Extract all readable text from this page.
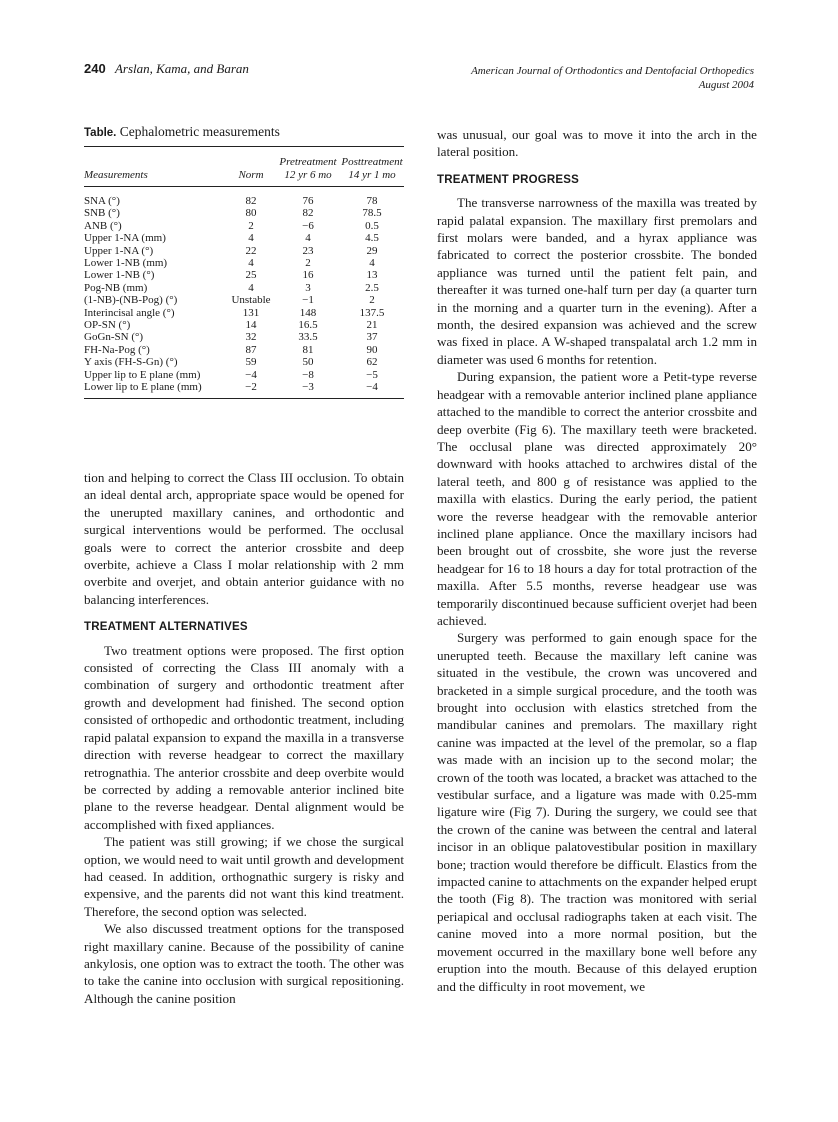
240 Arslan, Kama, and Baran	American Journal of Orthodontics and Dentofacial Orthopedics
August 2004
Table. Cephalometric measurements
		Pretreatment	Posttreatment
Measurements	Norm	12 yr 6 mo	14 yr 1 mo
SNA (°)	82	76	78
SNB (°)	80	82	78.5
ANB (°)	2	−6	0.5
Upper 1-NA (mm)	4	4	4.5
Upper 1-NA (°)	22	23	29
Lower 1-NB (mm)	4	2	4
Lower 1-NB (°)	25	16	13
Pog-NB (mm)	4	3	2.5
(1-NB)-(NB-Pog) (°)	Unstable	−1	2
Interincisal angle (°)	131	148	137.5
OP-SN (°)	14	16.5	21
GoGn-SN (°)	32	33.5	37
FH-Na-Pog (°)	87	81	90
Y axis (FH-S-Gn) (°)	59	50	62
Upper lip to E plane (mm)	−4	−8	−5
Lower lip to E plane (mm)	−2	−3	−4

tion and helping to correct the Class III occlusion. To obtain an ideal dental arch, appropriate space would be opened for the unerupted maxillary canines, and orthodontic and surgical interventions would be performed. The occlusal goals were to correct the anterior crossbite and deep overbite, achieve a Class I molar relationship with 2 mm overbite and overjet, and obtain anterior guidance with no balancing interferences.

TREATMENT ALTERNATIVES

Two treatment options were proposed. The first option consisted of correcting the Class III anomaly with a combination of surgery and orthodontic treatment after growth and development had finished. The second option consisted of orthopedic and orthodontic treatment, including rapid palatal expansion to expand the maxilla in a transverse direction with reverse headgear to correct the maxillary retrognathia. The anterior crossbite and deep overbite would be corrected by adding a removable anterior inclined bite plane to the reverse headgear. Dental alignment would be accomplished with fixed appliances.

The patient was still growing; if we chose the surgical option, we would need to wait until growth and development had ceased. In addition, orthognathic surgery is risky and expensive, and the parents did not want this kind treatment. Therefore, the second option was selected.

We also discussed treatment options for the transposed right maxillary canine. Because of the possibility of canine ankylosis, one option was to extract the tooth. The other was to take the canine into occlusion with surgical repositioning. Although the canine position

was unusual, our goal was to move it into the arch in the lateral position.

TREATMENT PROGRESS

The transverse narrowness of the maxilla was treated by rapid palatal expansion. The maxillary first premolars and first molars were banded, and a hyrax appliance was fabricated to correct the posterior crossbite. The bonded appliance was turned until the patient felt pain, and thereafter it was turned one-half turn per day (a quarter turn in the morning and a quarter turn in the evening). After a month, the desired expansion was achieved and the screw was fixed in place. A W-shaped transpalatal arch 1.2 mm in diameter was used 6 months for retention.

During expansion, the patient wore a Petit-type reverse headgear with a removable anterior inclined plane appliance attached to the mandible to correct the anterior crossbite and deep overbite (Fig 6). The maxillary teeth were bracketed. The occlusal plane was directed approximately 20° downward with hooks attached to archwires distal of the lateral teeth, and 800 g of resistance was applied to the maxilla with elastics. During the early period, the patient wore the reverse headgear with the removable anterior inclined plane appliance. Once the maxillary incisors had been brought out of crossbite, she wore just the reverse headgear for 16 to 18 hours a day for total protraction of the maxilla. After 5.5 months, reverse headgear use was temporarily discontinued because sufficient overjet had been achieved.

Surgery was performed to gain enough space for the unerupted teeth. Because the maxillary left canine was situated in the vestibule, the crown was uncovered and bracketed in a simple surgical procedure, and the tooth was brought into occlusion with elastics stretched from the mandibular canines and premolars. The maxillary right canine was impacted at the level of the premolar, so a flap was made with an incision up to the second molar; the crown of the tooth was located, a bracket was attached to the vestibular surface, and a ligature was made with 0.25-mm ligature wire (Fig 7). During the surgery, we could see that the crown of the canine was between the central and lateral incisor in an oblique palatovestibular position in maxillary bone; traction would therefore be difficult. Elastics from the impacted canine to attachments on the expander helped erupt the tooth (Fig 8). The traction was monitored with serial periapical and occlusal radiographs taken at each visit. The canine moved into a more normal position, but the movement occurred in the maxillary bone well before any eruption into the mouth. Because of this delayed eruption and the difficulty in root movement, we
